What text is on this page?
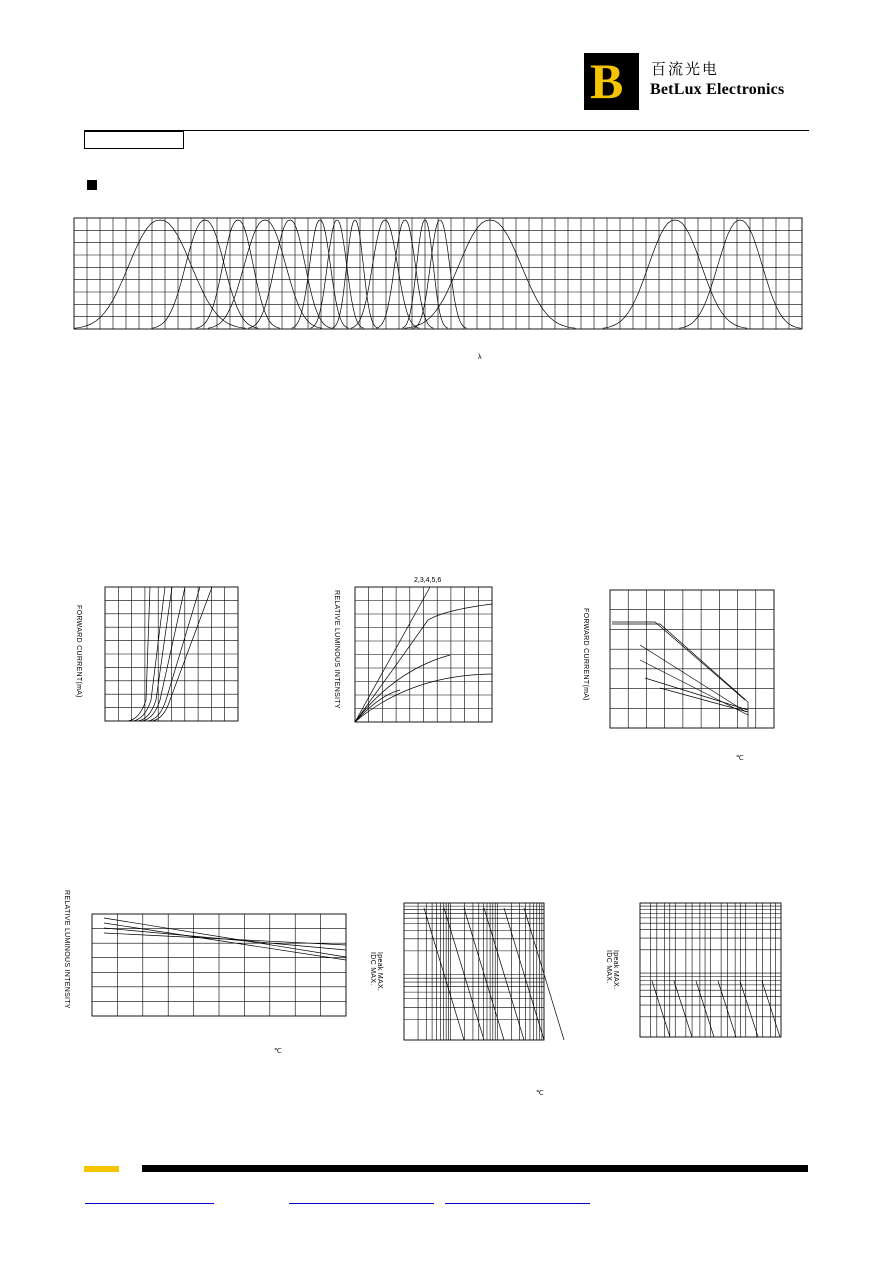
B 百流光电
BetLux Electronics
λ
FORWARD CURRENT(mA)
2,3,4,5,6
RELATIVE LUMINOUS INTENSITY	FORWARD CURRENT(mA)
℃
RELATIVE LUMINOUS INTENSITY
℃
Ipeak MAX.
IDC MAX.
℃
Ipeak MAX.
IDC MAX.
